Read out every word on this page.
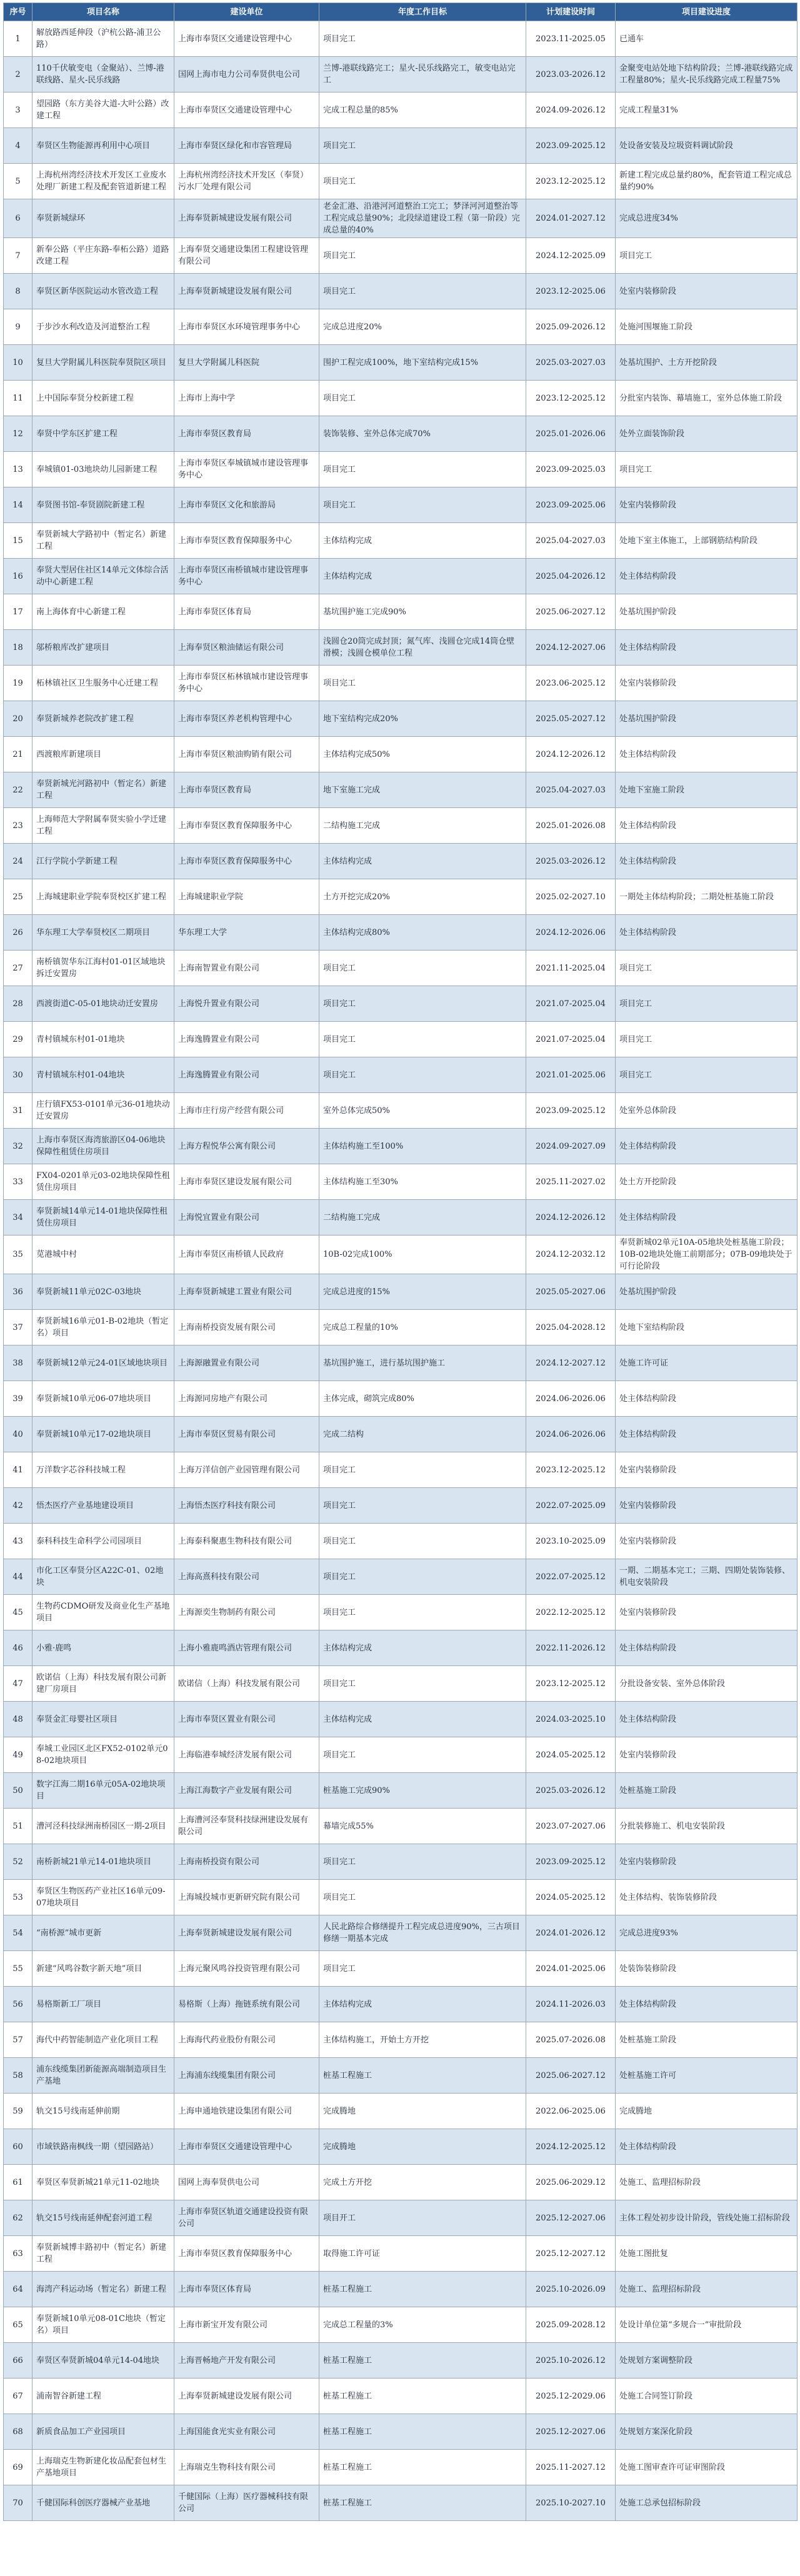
序号	项目名称	建设单位	年度工作目标	计划建设时间	项目建设进度
1	解放路西延伸段（沪杭公路-浦卫公路）	上海市奉贤区交通建设管理中心	项目完工	2023.11-2025.05	已通车
2	110千伏敏变电（金聚站）、兰博-港联线路、星火-民乐线路	国网上海市电力公司奉贤供电公司	兰博-港联线路完工；星火-民乐线路完工，敏变电站完工	2023.03-2026.12	金聚变电站处地下结构阶段；兰博-港联线路完成工程量80%；星火-民乐线路完成工程量75%
3	望园路（东方美谷大道-大叶公路）改建工程	上海市奉贤区交通建设管理中心	完成工程总量的85%	2024.09-2026.12	完成工程量31%
4	奉贤区生物能源再利用中心项目	上海市奉贤区绿化和市容管理局	项目完工	2023.09-2025.12	处设备安装及垃圾资料调试阶段
5	上海杭州湾经济技术开发区工业废水处理厂新建工程及配套管道新建工程	上海杭州湾经济技术开发区（奉贤）污水厂处理有限公司	项目完工	2023.12-2025.12	新建工程完成总量约80%，配套管道工程完成总量约90%
6	奉贤新城绿环	上海奉贤新城建设发展有限公司	老金汇港、沿港河河道整治工完工；梦泽河河道整治等工程完成总量90%；北段绿道建设工程（第一阶段）完成总量的40%	2024.01-2027.12	完成总进度34%
7	新奉公路（平庄东路-奉柘公路）道路改建工程	上海奉贤交通建设集团工程建设管理有限公司	项目完工	2024.12-2025.09	项目完工
8	奉贤区新华医院运动水管改造工程	上海奉贤新城建设发展有限公司	项目完工	2023.12-2025.06	处室内装修阶段
9	于步沙水利改造及河道整治工程	上海市奉贤区水环境管理事务中心	完成总进度20%	2025.09-2026.12	处施河围堰施工阶段
10	复旦大学附属儿科医院奉贤院区项目	复旦大学附属儿科医院	围护工程完成100%，地下室结构完成15%	2025.03-2027.03	处基坑围护、土方开挖阶段
11	上中国际奉贤分校新建工程	上海市上海中学	项目完工	2023.12-2025.12	分批室内装饰、幕墙施工，室外总体施工阶段
12	奉贤中学东区扩建工程	上海市奉贤区教育局	装饰装修、室外总体完成70%	2025.01-2026.06	处外立面装饰阶段
13	奉城镇01-03地块幼儿园新建工程	上海市奉贤区奉城镇城市建设管理事务中心	项目完工	2023.09-2025.03	项目完工
14	奉贤图书馆-奉贤剧院新建工程	上海市奉贤区文化和旅游局	项目完工	2023.09-2025.06	处室内装修阶段
15	奉贤新城大学路初中（暂定名）新建工程	上海市奉贤区教育保障服务中心	主体结构完成	2025.04-2027.03	处地下室主体施工，上部钢筋结构阶段
16	奉贤大型居住社区14单元文体综合活动中心新建工程	上海市奉贤区南桥镇城市建设管理事务中心	主体结构完成	2025.04-2026.12	处主体结构阶段
17	南上海体育中心新建工程	上海市奉贤区体育局	基坑围护施工完成90%	2025.06-2027.12	处基坑围护阶段
18	邬桥粮库改扩建项目	上海奉贤区粮油储运有限公司	浅圆仓20筒完成封顶；氮气库、浅圆仓完成14筒仓壁滑模；浅圆仓模单位工程	2024.12-2027.06	处主体结构阶段
19	柘林镇社区卫生服务中心迁建工程	上海市奉贤区柘林镇城市建设管理事务中心	项目完工	2023.06-2025.12	处室内装修阶段
20	奉贤新城养老院改扩建工程	上海市奉贤区养老机构管理中心	地下室结构完成20%	2025.05-2027.12	处基坑围护阶段
21	西渡粮库新建项目	上海市奉贤区粮油购销有限公司	主体结构完成50%	2024.12-2026.12	处主体结构阶段
22	奉贤新城光河路初中（暂定名）新建工程	上海市奉贤区教育局	地下室施工完成	2025.04-2027.03	处地下室施工阶段
23	上海师范大学附属奉贤实验小学迁建工程	上海市奉贤区教育保障服务中心	二结构施工完成	2025.01-2026.08	处主体结构阶段
24	江行学院小学新建工程	上海市奉贤区教育保障服务中心	主体结构完成	2025.03-2026.12	处主体结构阶段
25	上海城建职业学院奉贤校区扩建工程	上海城建职业学院	土方开挖完成20%	2025.02-2027.10	一期处主体结构阶段；二期处桩基施工阶段
26	华东理工大学奉贤校区二期项目	华东理工大学	主体结构完成80%	2024.12-2026.06	处主体结构阶段
27	南桥镇贺华东江海村01-01区域地块拆迁安置房	上海南智置业有限公司	项目完工	2021.11-2025.04	项目完工
28	西渡街道C-05-01地块动迁安置房	上海悦升置业有限公司	项目完工	2021.07-2025.04	项目完工
29	青村镇城东村01-01地块	上海逸腾置业有限公司	项目完工	2021.07-2025.04	项目完工
30	青村镇城东村01-04地块	上海逸腾置业有限公司	项目完工	2021.01-2025.06	项目完工
31	庄行镇FX53-0101单元36-01地块动迁安置房	上海市庄行房产经营有限公司	室外总体完成50%	2023.09-2025.12	处室外总体阶段
32	上海市奉贤区海湾旅游区04-06地块保障性租赁住房项目	上海方程悦华公寓有限公司	主体结构施工至100%	2024.09-2027.09	处主体结构阶段
33	FX04-0201单元03-02地块保障性租赁住房项目	上海市奉贤区建设发展有限公司	主体结构施工至30%	2025.11-2027.02	处土方开挖阶段
34	奉贤新城14单元14-01地块保障性租赁住房项目	上海悦宜置业有限公司	二结构施工完成	2024.12-2026.12	处主体结构阶段
35	苋港城中村	上海市奉贤区南桥镇人民政府	10B-02完成100%	2024.12-2032.12	奉贤新城02单元10A-05地块处桩基施工阶段；10B-02地块处施工前期部分；07B-09地块处于可行论阶段
36	奉贤新城11单元02C-03地块	上海奉贤新城建工置业有限公司	完成总进度的15%	2025.05-2027.06	处基坑围护阶段
37	奉贤新城16单元01-B-02地块（暂定名）项目	上海南桥投资发展有限公司	完成总工程量的10%	2025.04-2028.12	处地下室结构阶段
38	奉贤新城12单元24-01区域地块项目	上海源融置业有限公司	基坑围护施工，进行基坑围护施工	2024.12-2027.12	处施工许可证
39	奉贤新城10单元06-07地块项目	上海源同房地产有限公司	主体完成，砌筑完成80%	2024.06-2026.06	处主体结构阶段
40	奉贤新城10单元17-02地块项目	上海市奉贤区贸易有限公司	完成二结构	2024.06-2026.06	处主体结构阶段
41	万洋数字芯谷科技城工程	上海万洋信创产业园管理有限公司	项目完工	2023.12-2025.12	处室内装修阶段
42	悟杰医疗产业基地建设项目	上海悟杰医疗科技有限公司	项目完工	2022.07-2025.09	处室内装修阶段
43	泰科科技生命科学公司园项目	上海泰科聚惠生物科技有限公司	项目完工	2023.10-2025.09	处室内装修阶段
44	市化工区奉贤分区A22C-01、02地块	上海高熹科技有限公司	项目完工	2022.07-2025.12	一期、二期基本完工；三期、四期处装饰装修、机电安装阶段
45	生物药CDMO研发及商业化生产基地项目	上海源奕生物制药有限公司	项目完工	2022.12-2025.12	处室内装修阶段
46	小雅·鹿鸣	上海小雅鹿鸣酒店管理有限公司	主体结构完成	2022.11-2026.12	处主体结构阶段
47	欧诺信（上海）科技发展有限公司新建厂房项目	欧诺信（上海）科技发展有限公司	项目完工	2023.12-2025.12	分批设备安装、室外总体阶段
48	奉贤金汇母婴社区项目	上海市奉贤区置业有限公司	主体结构完成	2024.03-2025.10	处主体结构阶段
49	奉城工业园区北区FX52-0102单元08-02地块项目	上海临港奉城经济发展有限公司	项目完工	2024.05-2025.12	处室内装修阶段
50	数字江海二期16单元05A-02地块项目	上海江海数字产业发展有限公司	桩基施工完成90%	2025.03-2026.12	处桩基施工阶段
51	漕河泾科技绿洲南桥园区一期-2项目	上海漕河泾奉贤科技绿洲建设发展有限公司	幕墙完成55%	2023.07-2027.06	分批装修施工、机电安装阶段
52	南桥新城21单元14-01地块项目	上海南桥投资有限公司	项目完工	2023.09-2025.12	处室内装修阶段
53	奉贤区生物医药产业社区16单元09-07地块项目	上海城投城市更新研究院有限公司	项目完工	2024.05-2025.12	处主体结构、装饰装修阶段
54	“南桥源”城市更新	上海奉贤新城建设发展有限公司	人民北路综合修缮提升工程完成总进度90%，三古项目修缮一期基本完成	2024.01-2026.12	完成总进度93%
55	新建“风鸣谷数字新天地”项目	上海元聚风鸣谷投资管理有限公司	项目完工	2024.01-2025.06	处装饰装修阶段
56	易格斯新工厂项目	易格斯（上海）拖链系统有限公司	主体结构完成	2024.11-2026.03	处主体结构阶段
57	海代中药智能制造产业化项目工程	上海海代药业股份有限公司	主体结构施工，开始土方开挖	2025.07-2026.08	处桩基施工阶段
58	浦东线缆集团新能源高端制造项目生产基地	上海浦东线缆集团有限公司	桩基工程施工	2025.06-2027.12	处桩基施工许可
59	轨交15号线南延伸前期	上海申通地铁建设集团有限公司	完成腾地	2022.06-2025.06	完成腾地
60	市域铁路南枫线一期（望园路站）	上海市奉贤区交通建设管理中心	完成腾地	2024.12-2025.12	处主体结构阶段
61	奉贤区奉贤新城21单元11-02地块	国网上海奉贤供电公司	完成土方开挖	2025.06-2029.12	处施工、监理招标阶段
62	轨交15号线南延伸配套河道工程	上海市奉贤区轨道交通建设投资有限公司	项目开工	2025.12-2027.06	主体工程处初步设计阶段，管线处施工招标阶段
63	奉贤新城博丰路初中（暂定名）新建工程	上海市奉贤区教育保障服务中心	取得施工许可证	2025.12-2027.12	处施工图批复
64	海湾产科运动场（暂定名）新建工程	上海市奉贤区体育局	桩基工程施工	2025.10-2026.09	处施工、监理招标阶段
65	奉贤新城10单元08-01C地块（暂定名）项目	上海市新宝开发有限公司	完成总工程量的3%	2025.09-2028.12	处设计单位第“多规合一”审批阶段
66	奉贤区奉贤新城04单元14-04地块	上海晋畅地产开发有限公司	桩基工程施工	2025.10-2026.12	处规划方案调整阶段
67	浦南智谷新建工程	上海奉贤新城建设发展有限公司	桩基工程施工	2025.12-2029.06	处施工合同签订阶段
68	新质食品加工产业园项目	上海国能食光实业有限公司	桩基工程施工	2025.12-2027.06	处规划方案深化阶段
69	上海瑞克生物新建化妆品配套包材生产基地项目	上海瑞克生物科技有限公司	桩基工程施工	2025.11-2027.12	处施工图审查许可证审图阶段
70	千健国际科创医疗器械产业基地	千健国际（上海）医疗器械科技有限公司	桩基工程施工	2025.10-2027.10	处施工总承包招标阶段
